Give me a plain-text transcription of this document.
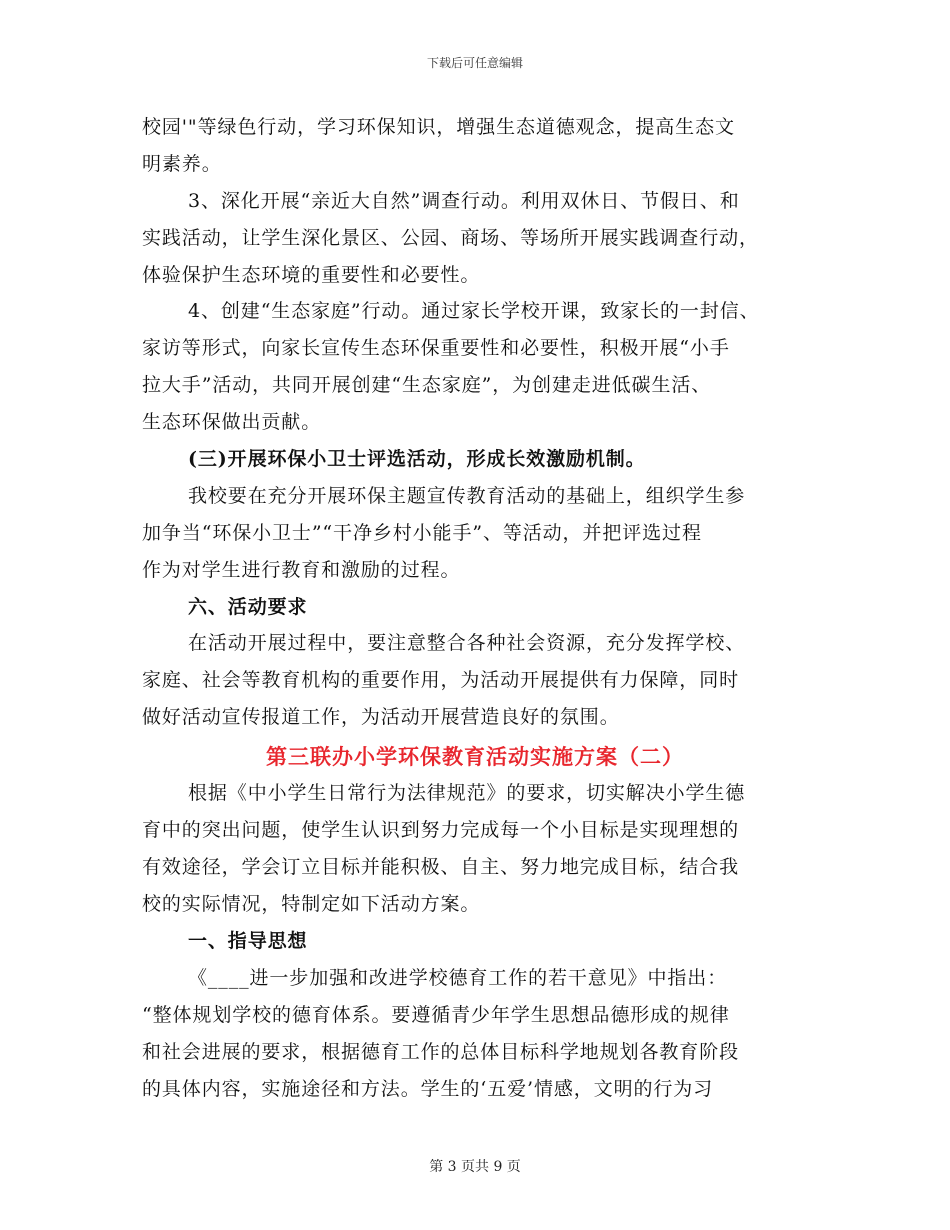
下载后可任意编辑
校园'"等绿色行动，学习环保知识，增强生态道德观念，提高生态文
明素养。
3、深化开展“亲近大自然”调查行动。利用双休日、节假日、和
实践活动，让学生深化景区、公园、商场、等场所开展实践调查行动，
体验保护生态环境的重要性和必要性。
4、创建“生态家庭”行动。通过家长学校开课，致家长的一封信、
家访等形式，向家长宣传生态环保重要性和必要性，积极开展“小手
拉大手”活动，共同开展创建“生态家庭”，为创建走进低碳生活、
生态环保做出贡献。
(三)开展环保小卫士评选活动，形成长效激励机制。
我校要在充分开展环保主题宣传教育活动的基础上，组织学生参
加争当“环保小卫士”“干净乡村小能手”、等活动，并把评选过程
作为对学生进行教育和激励的过程。
六、活动要求
在活动开展过程中，要注意整合各种社会资源，充分发挥学校、
家庭、社会等教育机构的重要作用，为活动开展提供有力保障，同时
做好活动宣传报道工作，为活动开展营造良好的氛围。
第三联办小学环保教育活动实施方案（二）
根据《中小学生日常行为法律规范》的要求，切实解决小学生德
育中的突出问题，使学生认识到努力完成每一个小目标是实现理想的
有效途径，学会订立目标并能积极、自主、努力地完成目标，结合我
校的实际情况，特制定如下活动方案。
一、指导思想
《____进一步加强和改进学校德育工作的若干意见》中指出：
“整体规划学校的德育体系。要遵循青少年学生思想品德形成的规律
和社会进展的要求，根据德育工作的总体目标科学地规划各教育阶段
的具体内容，实施途径和方法。学生的‘五爱’情感，文明的行为习
第 3 页共 9 页
